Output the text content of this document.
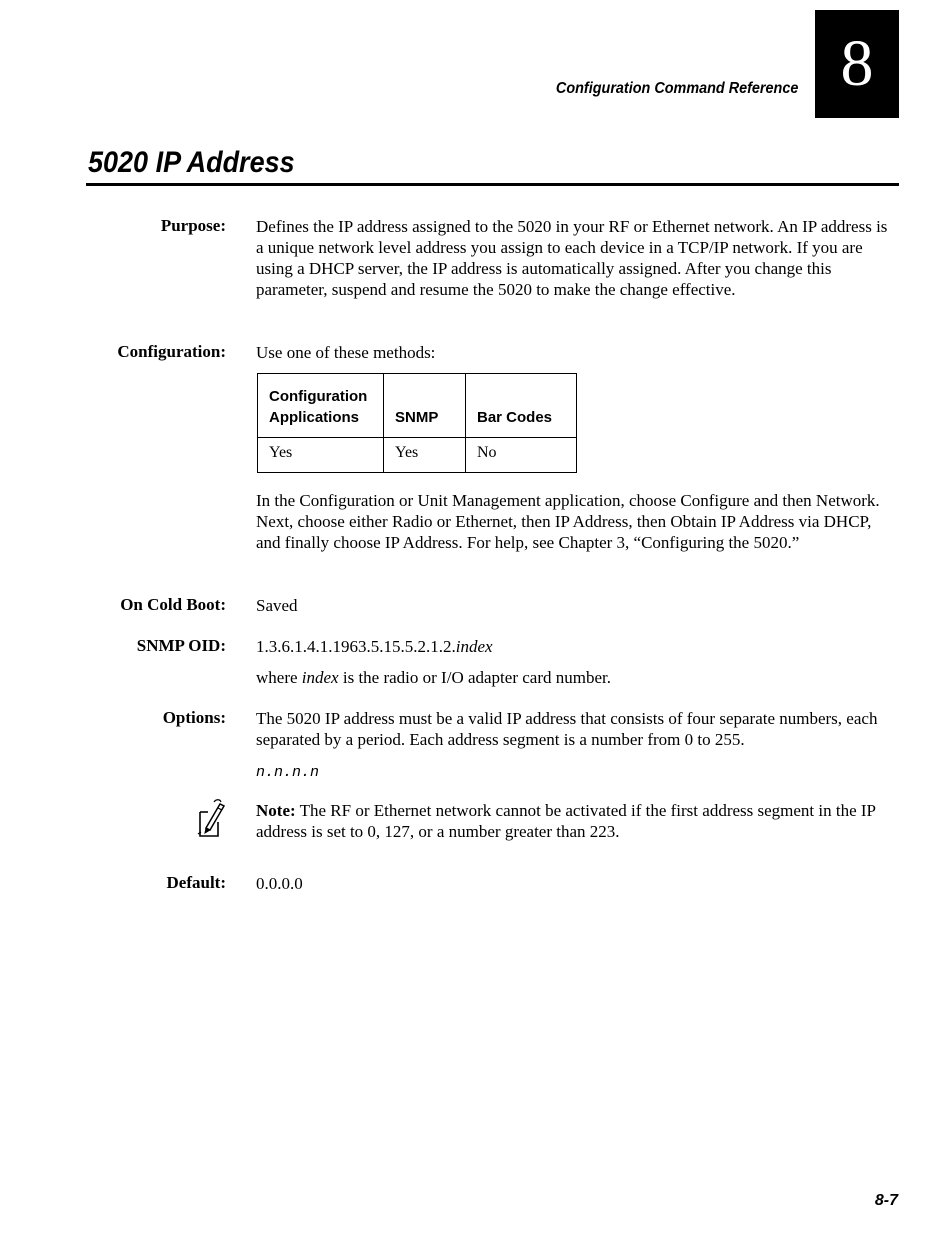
8
Configuration Command Reference
5020 IP Address
Purpose: Defines the IP address assigned to the 5020 in your RF or Ethernet network. An IP address is a unique network level address you assign to each device in a TCP/IP network. If you are using a DHCP server, the IP address is automatically assigned. After you change this parameter, suspend and resume the 5020 to make the change effective.
Configuration: Use one of these methods:
Configuration
Applications	SNMP	Bar Codes
Yes	Yes	No
In the Configuration or Unit Management application, choose Configure and then Network. Next, choose either Radio or Ethernet, then IP Address, then Obtain IP Address via DHCP, and finally choose IP Address. For help, see Chapter 3, “Configuring the 5020.”
On Cold Boot: Saved
SNMP OID: 1.3.6.1.4.1.1963.5.15.5.2.1.2.index
where index is the radio or I/O adapter card number.
Options: The 5020 IP address must be a valid IP address that consists of four separate numbers, each separated by a period. Each address segment is a number from 0 to 255.
n.n.n.n
Note: The RF or Ethernet network cannot be activated if the first address segment in the IP address is set to 0, 127, or a number greater than 223.
Default: 0.0.0.0
8-7
